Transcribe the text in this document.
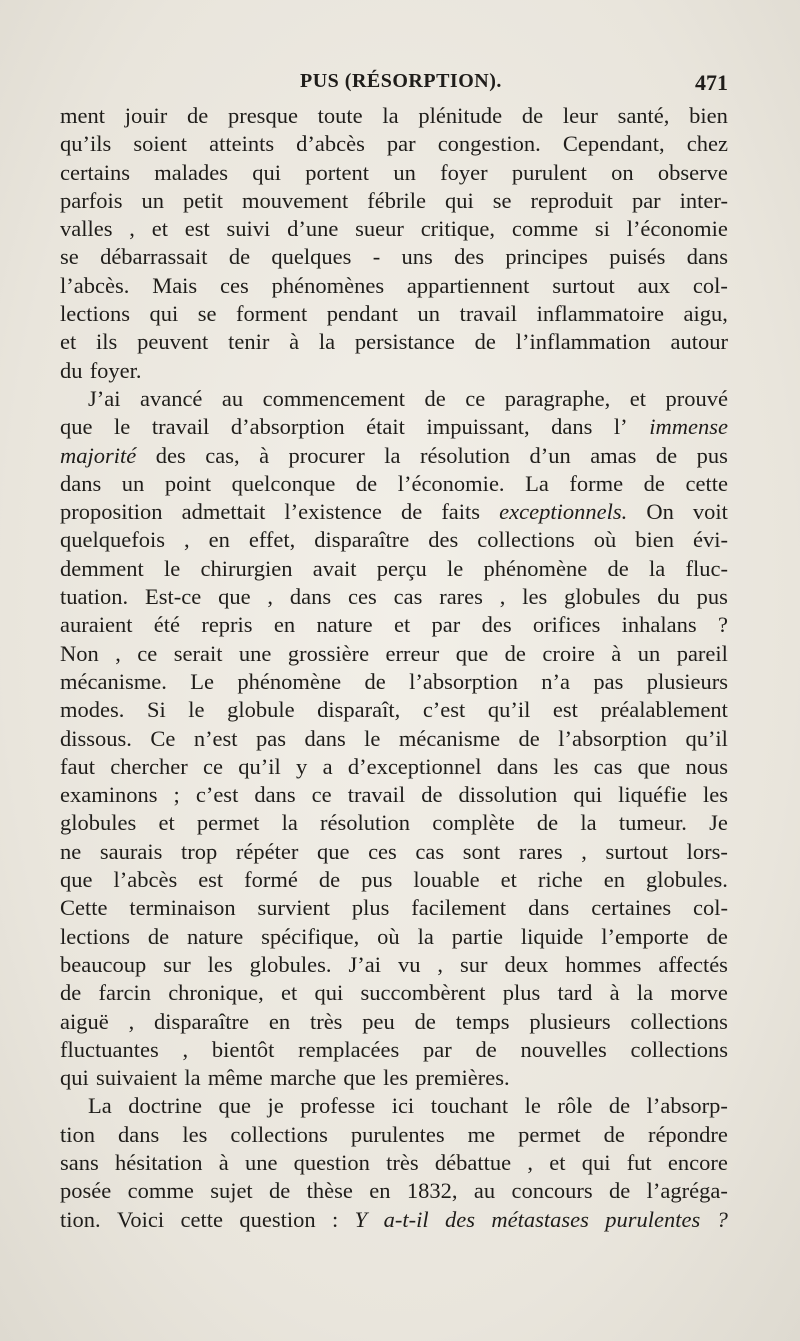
PUS (RÉSORPTION).	471
ment jouir de presque toute la plénitude de leur santé, bien
qu’ils soient atteints d’abcès par congestion. Cependant, chez
certains malades qui portent un foyer purulent on observe
parfois un petit mouvement fébrile qui se reproduit par inter-
valles , et est suivi d’une sueur critique, comme si l’économie
se débarrassait de quelques - uns des principes puisés dans
l’abcès. Mais ces phénomènes appartiennent surtout aux col-
lections qui se forment pendant un travail inflammatoire aigu,
et ils peuvent tenir à la persistance de l’inflammation autour
du foyer.
J’ai avancé au commencement de ce paragraphe, et prouvé
que le travail d’absorption était impuissant, dans l’ immense
majorité des cas, à procurer la résolution d’un amas de pus
dans un point quelconque de l’économie. La forme de cette
proposition admettait l’existence de faits exceptionnels. On voit
quelquefois , en effet, disparaître des collections où bien évi-
demment le chirurgien avait perçu le phénomène de la fluc-
tuation. Est-ce que , dans ces cas rares , les globules du pus
auraient été repris en nature et par des orifices inhalans ?
Non , ce serait une grossière erreur que de croire à un pareil
mécanisme. Le phénomène de l’absorption n’a pas plusieurs
modes. Si le globule disparaît, c’est qu’il est préalablement
dissous. Ce n’est pas dans le mécanisme de l’absorption qu’il
faut chercher ce qu’il y a d’exceptionnel dans les cas que nous
examinons ; c’est dans ce travail de dissolution qui liquéfie les
globules et permet la résolution complète de la tumeur. Je
ne saurais trop répéter que ces cas sont rares , surtout lors-
que l’abcès est formé de pus louable et riche en globules.
Cette terminaison survient plus facilement dans certaines col-
lections de nature spécifique, où la partie liquide l’emporte de
beaucoup sur les globules. J’ai vu , sur deux hommes affectés
de farcin chronique, et qui succombèrent plus tard à la morve
aiguë , disparaître en très peu de temps plusieurs collections
fluctuantes , bientôt remplacées par de nouvelles collections
qui suivaient la même marche que les premières.
La doctrine que je professe ici touchant le rôle de l’absorp-
tion dans les collections purulentes me permet de répondre
sans hésitation à une question très débattue , et qui fut encore
posée comme sujet de thèse en 1832, au concours de l’agréga-
tion. Voici cette question : Y a-t-il des métastases purulentes ?
